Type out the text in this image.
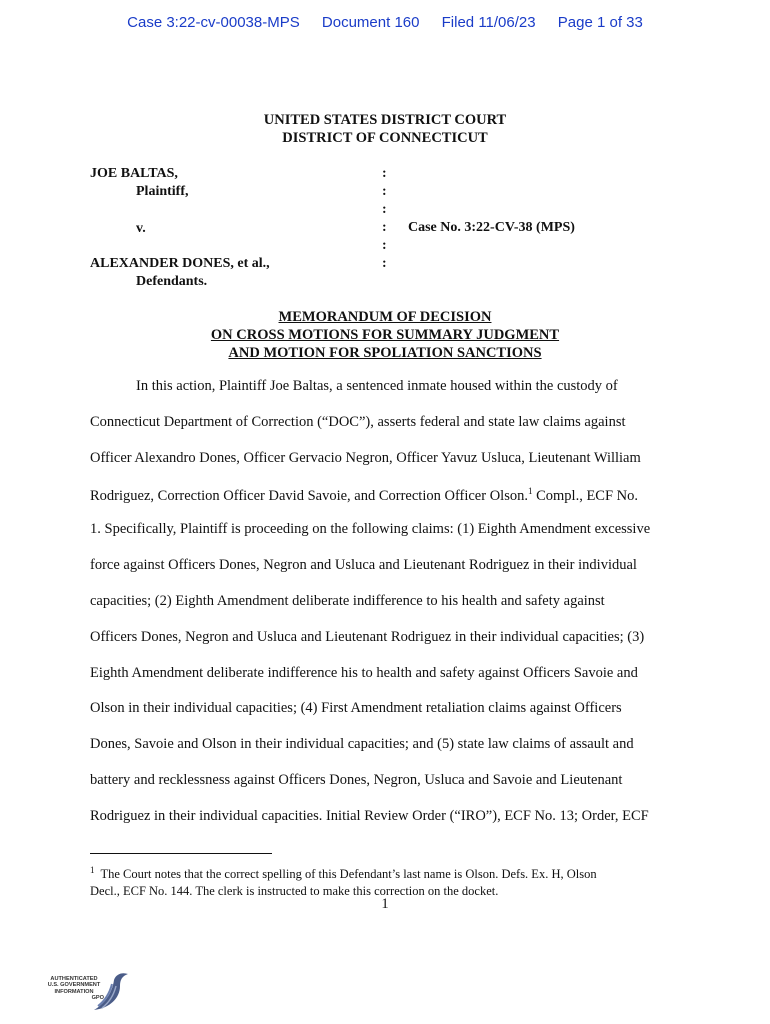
Case 3:22-cv-00038-MPS Document 160 Filed 11/06/23 Page 1 of 33
UNITED STATES DISTRICT COURT
DISTRICT OF CONNECTICUT
JOE BALTAS,
Plaintiff,
v.
ALEXANDER DONES, et al.,
Defendants.
:
:
:
:
:
:
Case No. 3:22-CV-38 (MPS)
MEMORANDUM OF DECISION
ON CROSS MOTIONS FOR SUMMARY JUDGMENT
AND MOTION FOR SPOLIATION SANCTIONS
In this action, Plaintiff Joe Baltas, a sentenced inmate housed within the custody of
Connecticut Department of Correction (“DOC”), asserts federal and state law claims against
Officer Alexandro Dones, Officer Gervacio Negron, Officer Yavuz Usluca, Lieutenant William
Rodriguez, Correction Officer David Savoie, and Correction Officer Olson.$^1$ Compl., ECF No.
1. Specifically, Plaintiff is proceeding on the following claims: (1) Eighth Amendment excessive
force against Officers Dones, Negron and Usluca and Lieutenant Rodriguez in their individual
capacities; (2) Eighth Amendment deliberate indifference to his health and safety against
Officers Dones, Negron and Usluca and Lieutenant Rodriguez in their individual capacities; (3)
Eighth Amendment deliberate indifference his to health and safety against Officers Savoie and
Olson in their individual capacities; (4) First Amendment retaliation claims against Officers
Dones, Savoie and Olson in their individual capacities; and (5) state law claims of assault and
battery and recklessness against Officers Dones, Negron, Usluca and Savoie and Lieutenant
Rodriguez in their individual capacities. Initial Review Order (“IRO”), ECF No. 13; Order, ECF
$^1$ The Court notes that the correct spelling of this Defendant’s last name is Olson. Defs. Ex. H, Olson
Decl., ECF No. 144. The clerk is instructed to make this correction on the docket.
1
AUTHENTICATED
U.S. GOVERNMENT
INFORMATION
GPO
